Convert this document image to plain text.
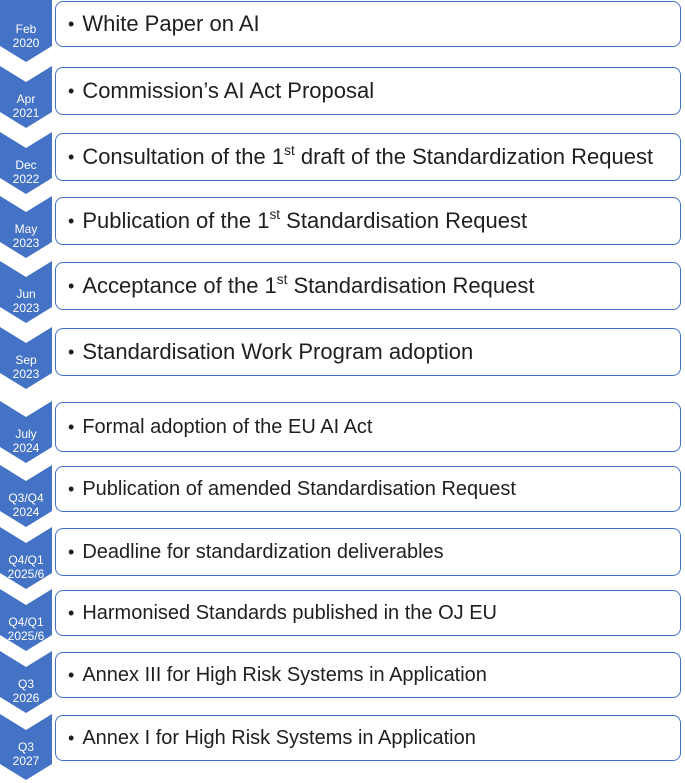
Feb
2020
• White Paper on AI
Apr
2021
• Commission’s AI Act Proposal
Dec
2022
• Consultation of the 1st draft of the Standardization Request
May
2023
• Publication of the 1st Standardisation Request
Jun
2023
• Acceptance of the 1st Standardisation Request
Sep
2023
• Standardisation Work Program adoption
July
2024
• Formal adoption of the EU AI Act
Q3/Q4
2024
• Publication of amended Standardisation Request
Q4/Q1
2025/6
• Deadline for standardization deliverables
Q4/Q1
2025/6
• Harmonised Standards published in the OJ EU
Q3
2026
• Annex III for High Risk Systems in Application
Q3
2027
• Annex I for High Risk Systems in Application
